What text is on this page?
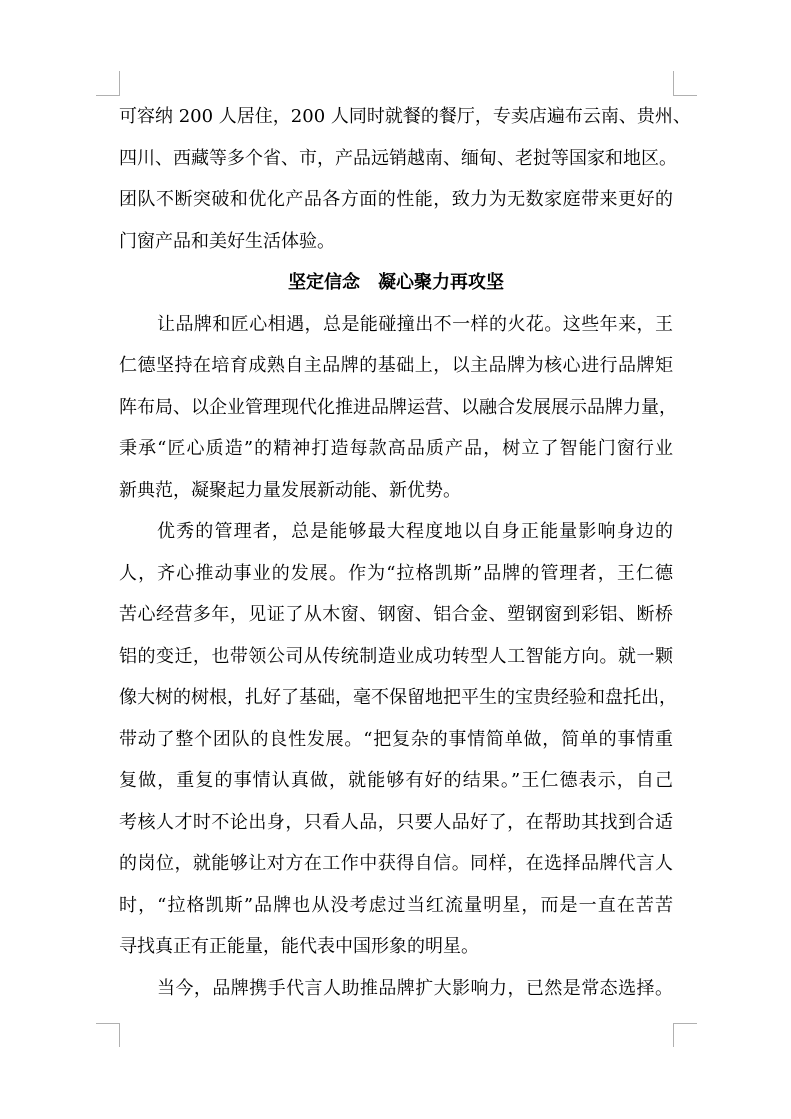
可容纳 200 人居住，200 人同时就餐的餐厅，专卖店遍布云南、贵州、
四川、西藏等多个省、市，产品远销越南、缅甸、老挝等国家和地区。
团队不断突破和优化产品各方面的性能，致力为无数家庭带来更好的
门窗产品和美好生活体验。
坚定信念　凝心聚力再攻坚
让品牌和匠心相遇，总是能碰撞出不一样的火花。这些年来，王
仁德坚持在培育成熟自主品牌的基础上，以主品牌为核心进行品牌矩
阵布局、以企业管理现代化推进品牌运营、以融合发展展示品牌力量，
秉承“匠心质造”的精神打造每款高品质产品，树立了智能门窗行业
新典范，凝聚起力量发展新动能、新优势。
优秀的管理者，总是能够最大程度地以自身正能量影响身边的
人，齐心推动事业的发展。作为“拉格凯斯”品牌的管理者，王仁德
苦心经营多年，见证了从木窗、钢窗、铝合金、塑钢窗到彩铝、断桥
铝的变迁，也带领公司从传统制造业成功转型人工智能方向。就一颗
像大树的树根，扎好了基础，毫不保留地把平生的宝贵经验和盘托出，
带动了整个团队的良性发展。“把复杂的事情简单做，简单的事情重
复做，重复的事情认真做，就能够有好的结果。”王仁德表示，自己
考核人才时不论出身，只看人品，只要人品好了，在帮助其找到合适
的岗位，就能够让对方在工作中获得自信。同样，在选择品牌代言人
时，“拉格凯斯”品牌也从没考虑过当红流量明星，而是一直在苦苦
寻找真正有正能量，能代表中国形象的明星。
当今，品牌携手代言人助推品牌扩大影响力，已然是常态选择。
